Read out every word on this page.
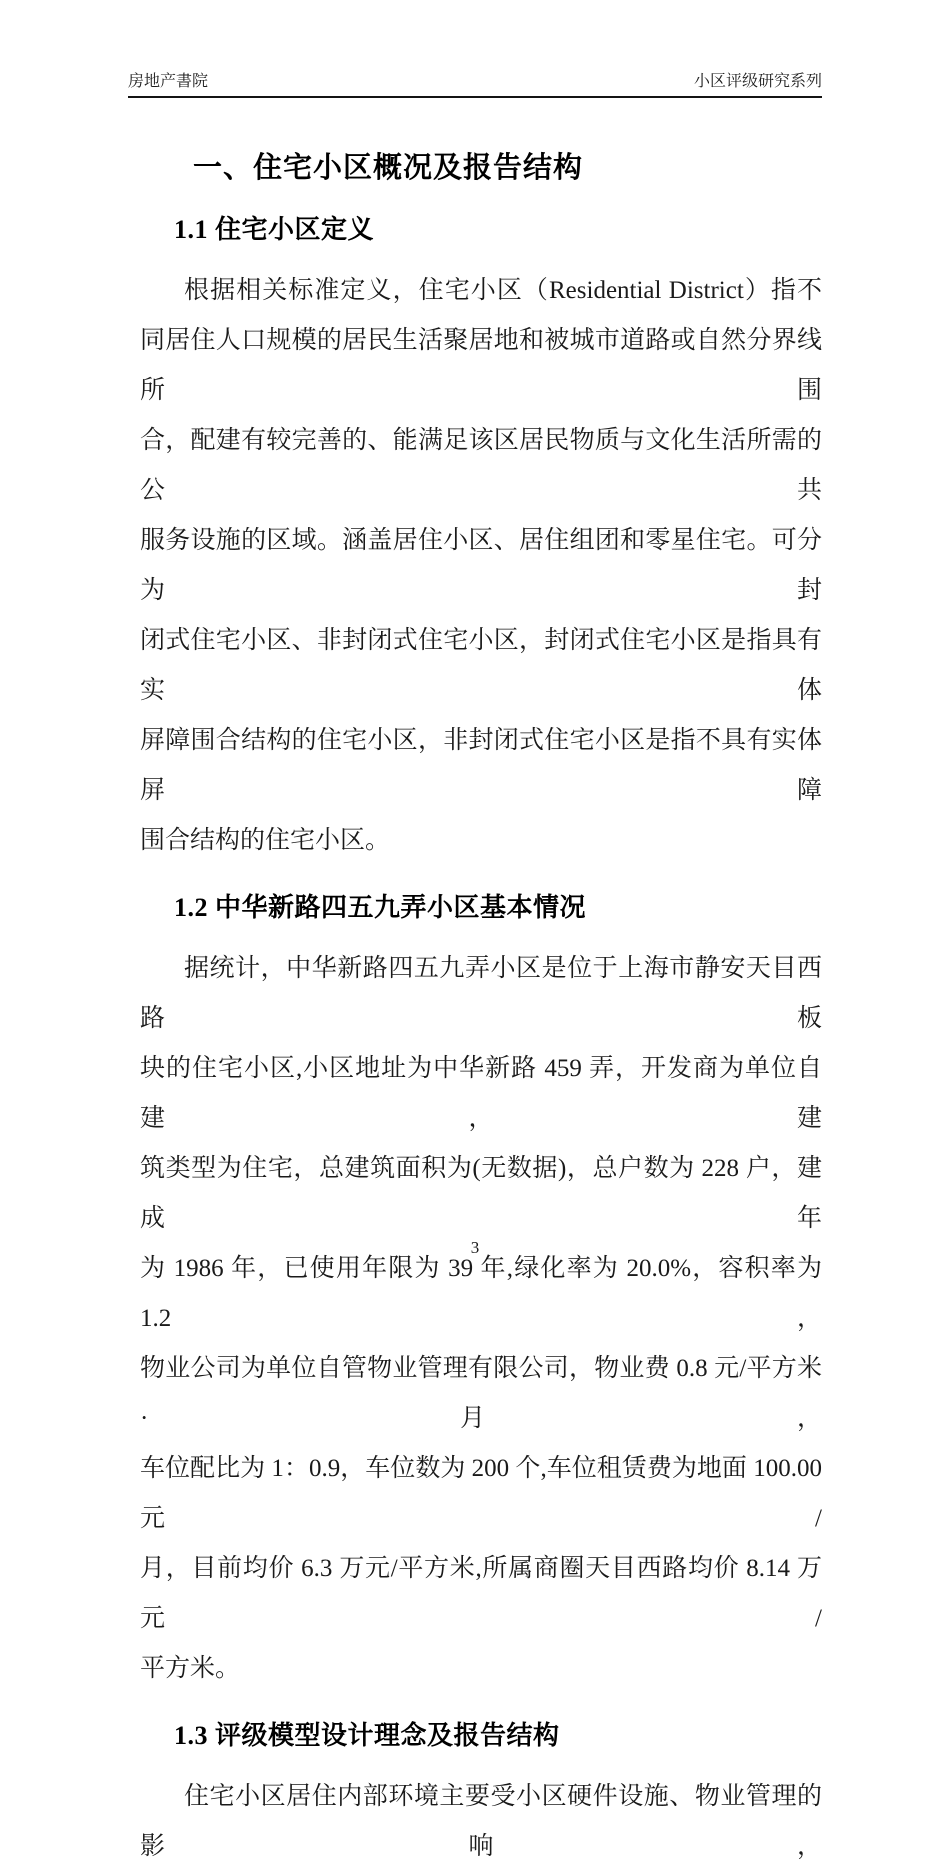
房地产書院	小区评级研究系列
一、住宅小区概况及报告结构
1.1 住宅小区定义
根据相关标准定义，住宅小区（Residential District）指不
同居住人口规模的居民生活聚居地和被城市道路或自然分界线所围
合，配建有较完善的、能满足该区居民物质与文化生活所需的公共
服务设施的区域。涵盖居住小区、居住组团和零星住宅。可分为封
闭式住宅小区、非封闭式住宅小区，封闭式住宅小区是指具有实体
屏障围合结构的住宅小区，非封闭式住宅小区是指不具有实体屏障
围合结构的住宅小区。
1.2 中华新路四五九弄小区基本情况
据统计，中华新路四五九弄小区是位于上海市静安天目西路板
块的住宅小区,小区地址为中华新路 459 弄，开发商为单位自建，建
筑类型为住宅，总建筑面积为(无数据)，总户数为 228 户，建成年
为 1986 年，已使用年限为 39 年,绿化率为 20.0%，容积率为 1.2，
物业公司为单位自管物业管理有限公司，物业费 0.8 元/平方米·月，
车位配比为 1：0.9，车位数为 200 个,车位租赁费为地面 100.00 元/
月，目前均价 6.3 万元/平方米,所属商圈天目西路均价 8.14 万元/
平方米。
1.3 评级模型设计理念及报告结构
住宅小区居住内部环境主要受小区硬件设施、物业管理的影响，
3
